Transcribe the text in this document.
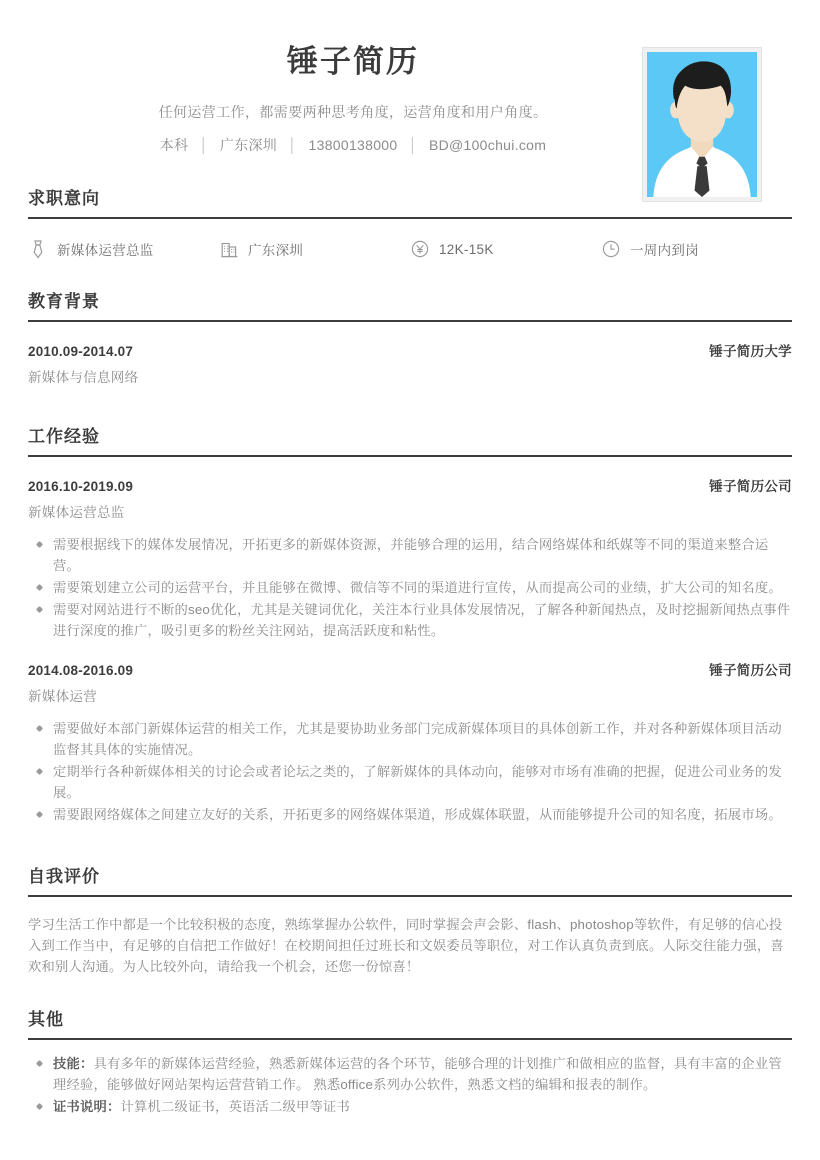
锤子简历
任何运营工作，都需要两种思考角度，运营角度和用户角度。
本科 │ 广东深圳 │ 13800138000 │ BD@100chui.com
求职意向
新媒体运营总监	广东深圳	12K-15K	一周内到岗
教育背景
2010.09-2014.07	锤子简历大学
新媒体与信息网络
工作经验
2016.10-2019.09	锤子简历公司
新媒体运营总监
需要根据线下的媒体发展情况，开拓更多的新媒体资源，并能够合理的运用，结合网络媒体和纸媒等不同的渠道来整合运营。
需要策划建立公司的运营平台，并且能够在微博、微信等不同的渠道进行宣传，从而提高公司的业绩，扩大公司的知名度。
需要对网站进行不断的seo优化，尤其是关键词优化，关注本行业具体发展情况，了解各种新闻热点，及时挖掘新闻热点事件进行深度的推广，吸引更多的粉丝关注网站，提高活跃度和粘性。
2014.08-2016.09	锤子简历公司
新媒体运营
需要做好本部门新媒体运营的相关工作，尤其是要协助业务部门完成新媒体项目的具体创新工作，并对各种新媒体项目活动监督其具体的实施情况。
定期举行各种新媒体相关的讨论会或者论坛之类的，了解新媒体的具体动向，能够对市场有准确的把握，促进公司业务的发展。
需要跟网络媒体之间建立友好的关系，开拓更多的网络媒体渠道，形成媒体联盟，从而能够提升公司的知名度，拓展市场。
自我评价
学习生活工作中都是一个比较积极的态度，熟练掌握办公软件，同时掌握会声会影、flash、photoshop等软件，有足够的信心投入到工作当中，有足够的自信把工作做好！在校期间担任过班长和文娱委员等职位，对工作认真负责到底。人际交往能力强，喜欢和别人沟通。为人比较外向，请给我一个机会，还您一份惊喜！
其他
技能：具有多年的新媒体运营经验，熟悉新媒体运营的各个环节，能够合理的计划推广和做相应的监督，具有丰富的企业管理经验，能够做好网站架构运营营销工作。 熟悉office系列办公软件，熟悉文档的编辑和报表的制作。
证书说明：计算机二级证书，英语活二级甲等证书
